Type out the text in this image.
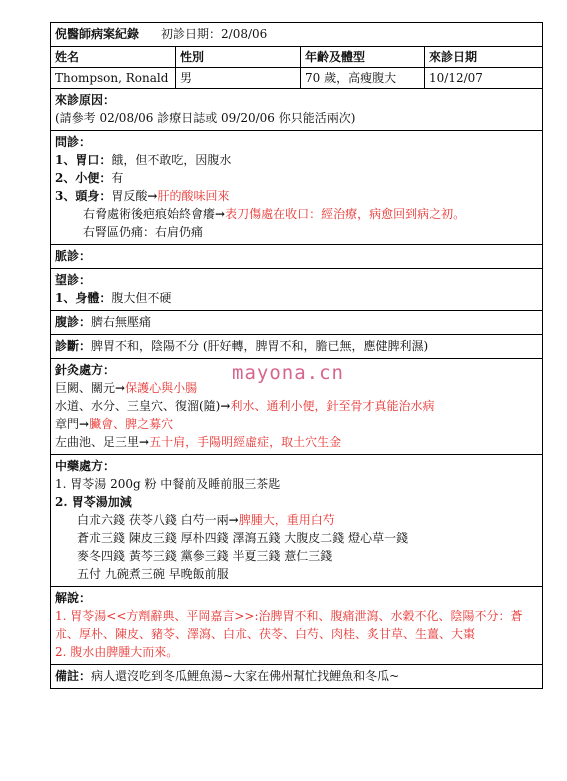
倪醫師病案紀錄 初診日期：2/08/06
姓名	性別	年齡及體型	來診日期
Thompson, Ronald 男	70 歲，高瘦腹大	10/12/07
來診原因：
(請參考 02/08/06 診療日誌或 09/20/06 你只能活兩次)
問診：
1、胃口：餓，但不敢吃，因腹水
2、小便：有
3、頭身：胃反酸→肝的酸味回來
右脅處術後疤痕始終會癢→表刀傷處在收口：經治療，病愈回到病之初。
右腎區仍痛：右肩仍痛
脈診：
望診：
1、身體：腹大但不硬
腹診：臍右無壓痛
診斷：脾胃不和，陰陽不分 (肝好轉，脾胃不和，膽已無，應健脾利濕)
針灸處方：
巨闕、關元→保護心與小腸
水道、水分、三皇穴、復溜(隨)→利水、通利小便，針至骨才真能治水病
章門→臟會、脾之募穴
左曲池、足三里→五十肩，手陽明經虛症，取土穴生金
中藥處方：
1. 胃苓湯 200g 粉 中餐前及睡前服三茶匙
2. 胃苓湯加減
白朮六錢 茯苓八錢 白芍一兩→脾腫大，重用白芍
蒼朮三錢 陳皮三錢 厚朴四錢 澤瀉五錢 大腹皮二錢 燈心草一錢
麥冬四錢 黃芩三錢 黨參三錢 半夏三錢 薏仁三錢
五付 九碗煮三碗 早晚飯前服
解說：
1. 胃苓湯<<方劑辭典、平岡嘉言>>:治脾胃不和、腹痛泄瀉、水穀不化、陰陽不分：蒼朮、厚朴、陳皮、豬苓、澤瀉、白朮、茯苓、白芍、肉桂、炙甘草、生薑、大棗
2. 腹水由脾腫大而來。
備註：病人還沒吃到冬瓜鯉魚湯~大家在佛州幫忙找鯉魚和冬瓜~
mayona.cn
